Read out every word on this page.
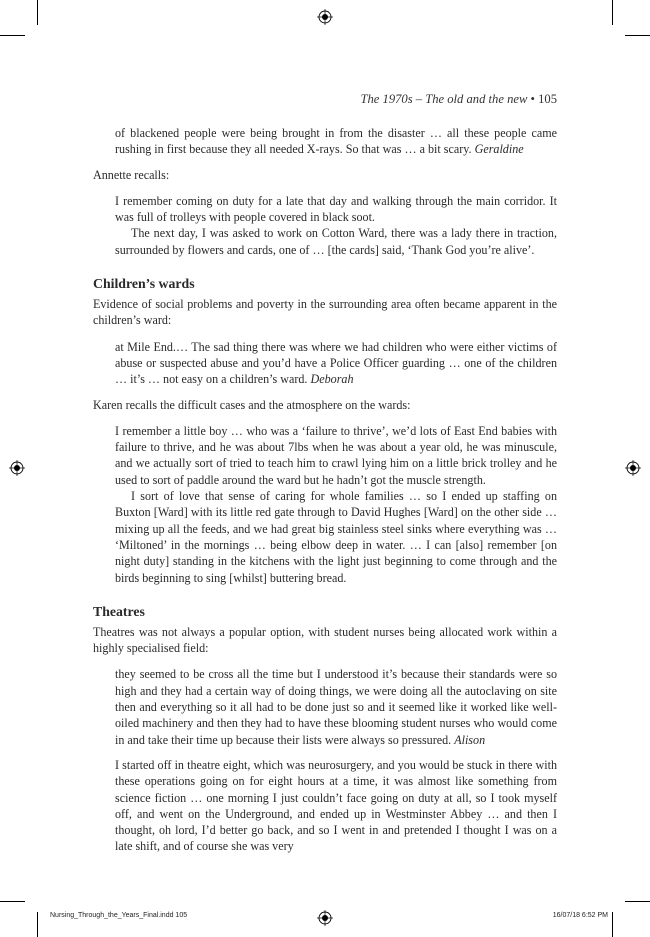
The 1970s – The old and the new • 105

of blackened people were being brought in from the disaster … all these people came rushing in first because they all needed X-rays. So that was … a bit scary. Geraldine

Annette recalls:

I remember coming on duty for a late that day and walking through the main corridor. It was full of trolleys with people covered in black soot.

The next day, I was asked to work on Cotton Ward, there was a lady there in traction, surrounded by flowers and cards, one of … [the cards] said, ‘Thank God you’re alive’.

Children’s wards

Evidence of social problems and poverty in the surrounding area often became apparent in the children’s ward:

at Mile End.… The sad thing there was where we had children who were either victims of abuse or suspected abuse and you’d have a Police Officer guarding … one of the children … it’s … not easy on a children’s ward. Deborah

Karen recalls the difficult cases and the atmosphere on the wards:

I remember a little boy … who was a ‘failure to thrive’, we’d lots of East End babies with failure to thrive, and he was about 7lbs when he was about a year old, he was minuscule, and we actually sort of tried to teach him to crawl lying him on a little brick trolley and he used to sort of paddle around the ward but he hadn’t got the muscle strength.

I sort of love that sense of caring for whole families … so I ended up staffing on Buxton [Ward] with its little red gate through to David Hughes [Ward] on the other side … mixing up all the feeds, and we had great big stainless steel sinks where everything was … ‘Miltoned’ in the mornings … being elbow deep in water. … I can [also] remember [on night duty] standing in the kitchens with the light just beginning to come through and the birds beginning to sing [whilst] buttering bread.

Theatres

Theatres was not always a popular option, with student nurses being allocated work within a highly specialised field:

they seemed to be cross all the time but I understood it’s because their standards were so high and they had a certain way of doing things, we were doing all the autoclaving on site then and everything so it all had to be done just so and it seemed like it worked like well-oiled machinery and then they had to have these blooming student nurses who would come in and take their time up because their lists were always so pressured. Alison

I started off in theatre eight, which was neurosurgery, and you would be stuck in there with these operations going on for eight hours at a time, it was almost like something from science fiction … one morning I just couldn’t face going on duty at all, so I took myself off, and went on the Underground, and ended up in Westminster Abbey … and then I thought, oh lord, I’d better go back, and so I went in and pretended I thought I was on a late shift, and of course she was very

Nursing_Through_the_Years_Final.indd 105	16/07/18 6:52 PM
